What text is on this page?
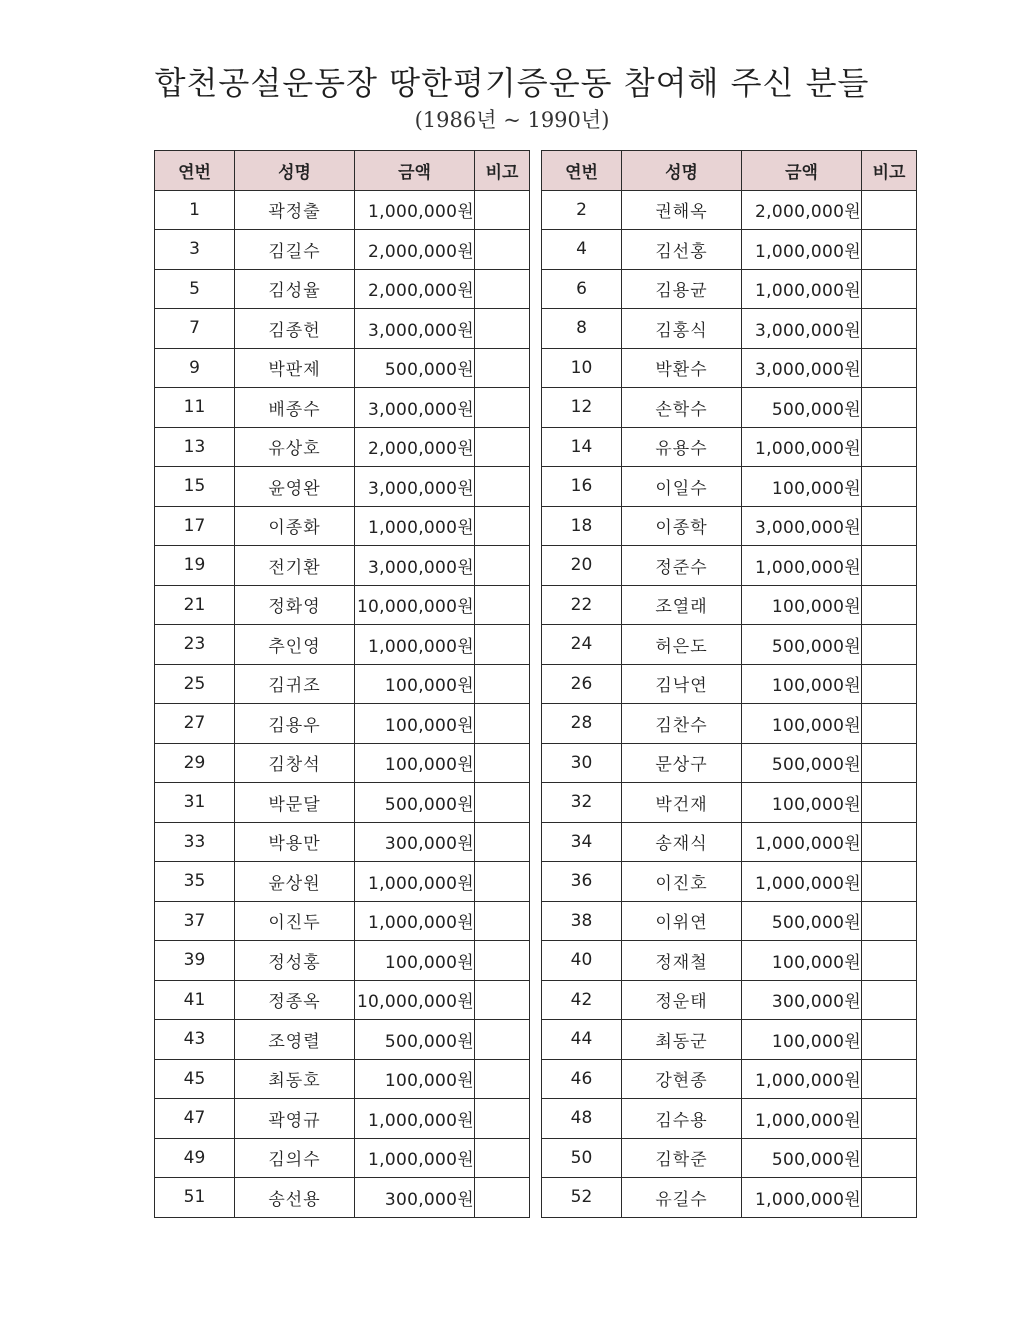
합천공설운동장 땅한평기증운동 참여해 주신 분들
(1986년 ~ 1990년)
연번	성명	금액	비고
1	곽정출	1,000,000원	
3	김길수	2,000,000원	
5	김성율	2,000,000원	
7	김종헌	3,000,000원	
9	박판제	500,000원	
11	배종수	3,000,000원	
13	유상호	2,000,000원	
15	윤영완	3,000,000원	
17	이종화	1,000,000원	
19	전기환	3,000,000원	
21	정화영	10,000,000원	
23	추인영	1,000,000원	
25	김귀조	100,000원	
27	김용우	100,000원	
29	김창석	100,000원	
31	박문달	500,000원	
33	박용만	300,000원	
35	윤상원	1,000,000원	
37	이진두	1,000,000원	
39	정성홍	100,000원	
41	정종옥	10,000,000원	
43	조영렬	500,000원	
45	최동호	100,000원	
47	곽영규	1,000,000원	
49	김의수	1,000,000원	
51	송선용	300,000원	
연번	성명	금액	비고
2	권해옥	2,000,000원	
4	김선홍	1,000,000원	
6	김용균	1,000,000원	
8	김홍식	3,000,000원	
10	박환수	3,000,000원	
12	손학수	500,000원	
14	유용수	1,000,000원	
16	이일수	100,000원	
18	이종학	3,000,000원	
20	정준수	1,000,000원	
22	조열래	100,000원	
24	허은도	500,000원	
26	김낙연	100,000원	
28	김찬수	100,000원	
30	문상구	500,000원	
32	박건재	100,000원	
34	송재식	1,000,000원	
36	이진호	1,000,000원	
38	이위연	500,000원	
40	정재철	100,000원	
42	정운태	300,000원	
44	최동군	100,000원	
46	강현종	1,000,000원	
48	김수용	1,000,000원	
50	김학준	500,000원	
52	유길수	1,000,000원	
